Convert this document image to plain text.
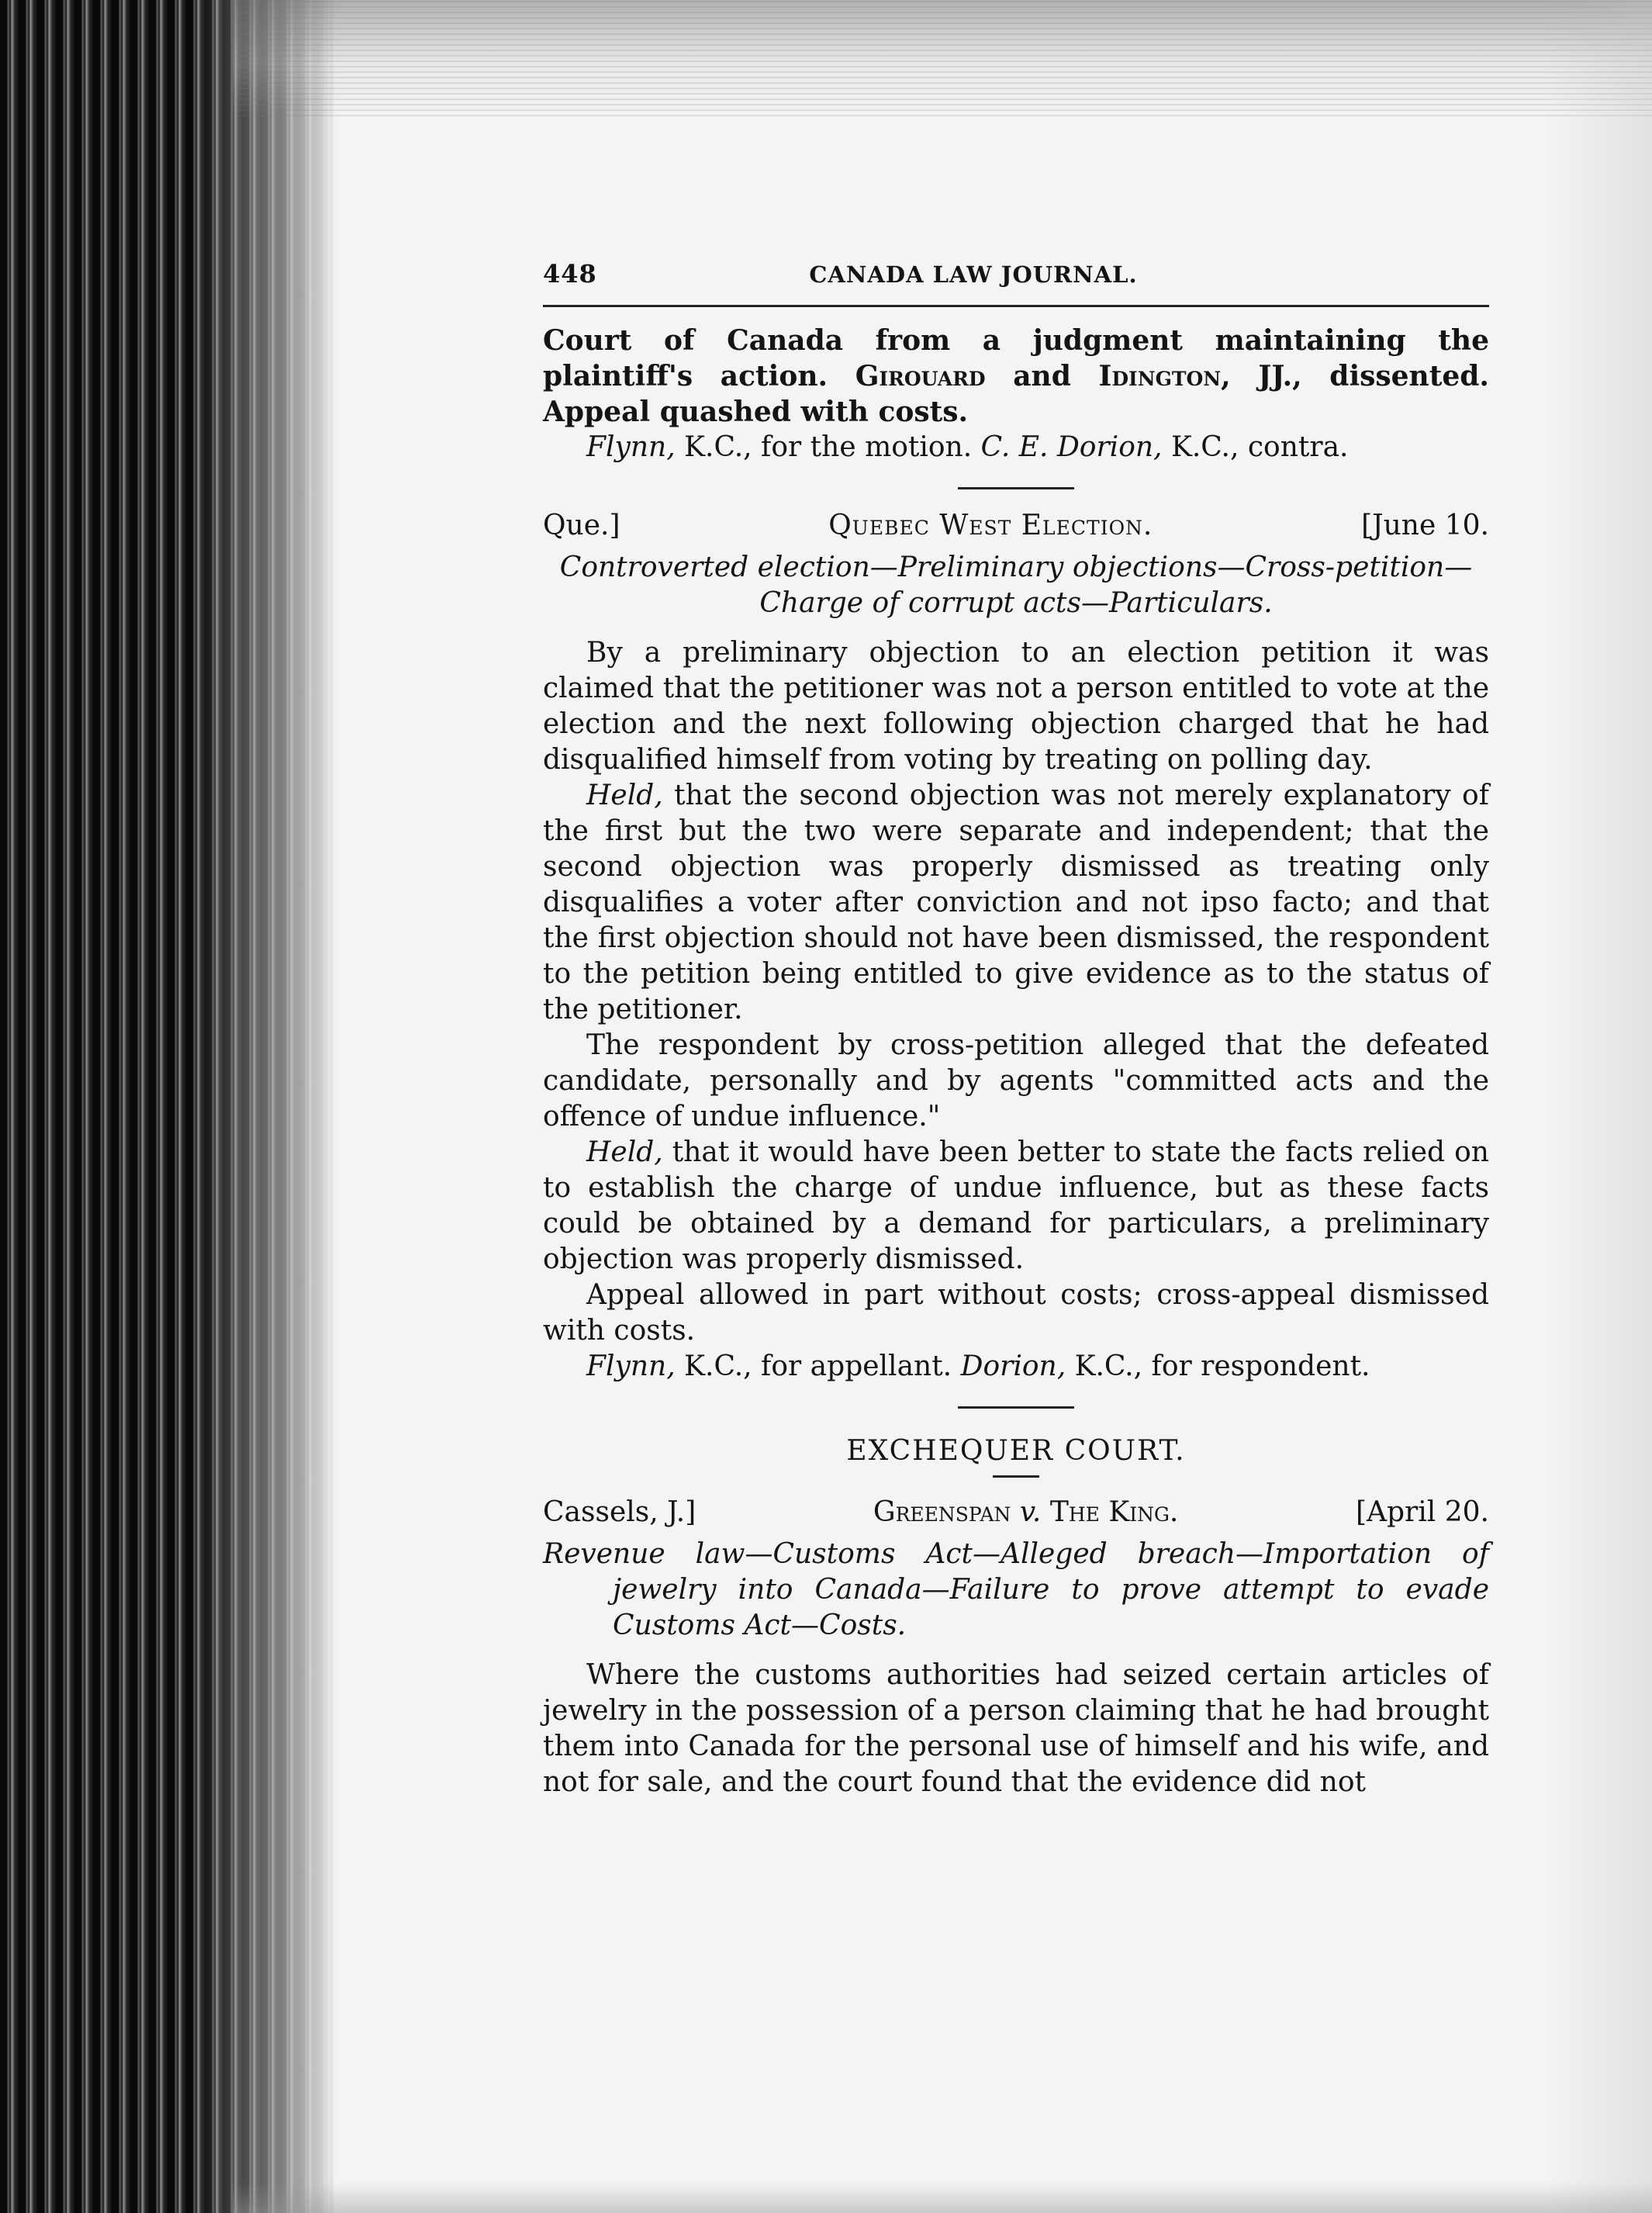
448	CANADA LAW JOURNAL.

Court of Canada from a judgment maintaining the plaintiff's action. Girouard and Idington, JJ., dissented. Appeal quashed with costs.

Flynn, K.C., for the motion. C. E. Dorion, K.C., contra.

Que.]	Quebec West Election.	[June 10.
Controverted election—Preliminary objections—Cross-petition—
Charge of corrupt acts—Particulars.

By a preliminary objection to an election petition it was claimed that the petitioner was not a person entitled to vote at the election and the next following objection charged that he had disqualified himself from voting by treating on polling day.

Held, that the second objection was not merely explanatory of the first but the two were separate and independent; that the second objection was properly dismissed as treating only disqualifies a voter after conviction and not ipso facto; and that the first objection should not have been dismissed, the respondent to the petition being entitled to give evidence as to the status of the petitioner.

The respondent by cross-petition alleged that the defeated candidate, personally and by agents "committed acts and the offence of undue influence."

Held, that it would have been better to state the facts relied on to establish the charge of undue influence, but as these facts could be obtained by a demand for particulars, a preliminary objection was properly dismissed.

Appeal allowed in part without costs; cross-appeal dismissed with costs.

Flynn, K.C., for appellant. Dorion, K.C., for respondent.

EXCHEQUER COURT.
Cassels, J.]	Greenspan v. The King.	[April 20.

Revenue law—Customs Act—Alleged breach—Importation of jewelry into Canada—Failure to prove attempt to evade Customs Act—Costs.

Where the customs authorities had seized certain articles of jewelry in the possession of a person claiming that he had brought them into Canada for the personal use of himself and his wife, and not for sale, and the court found that the evidence did not
